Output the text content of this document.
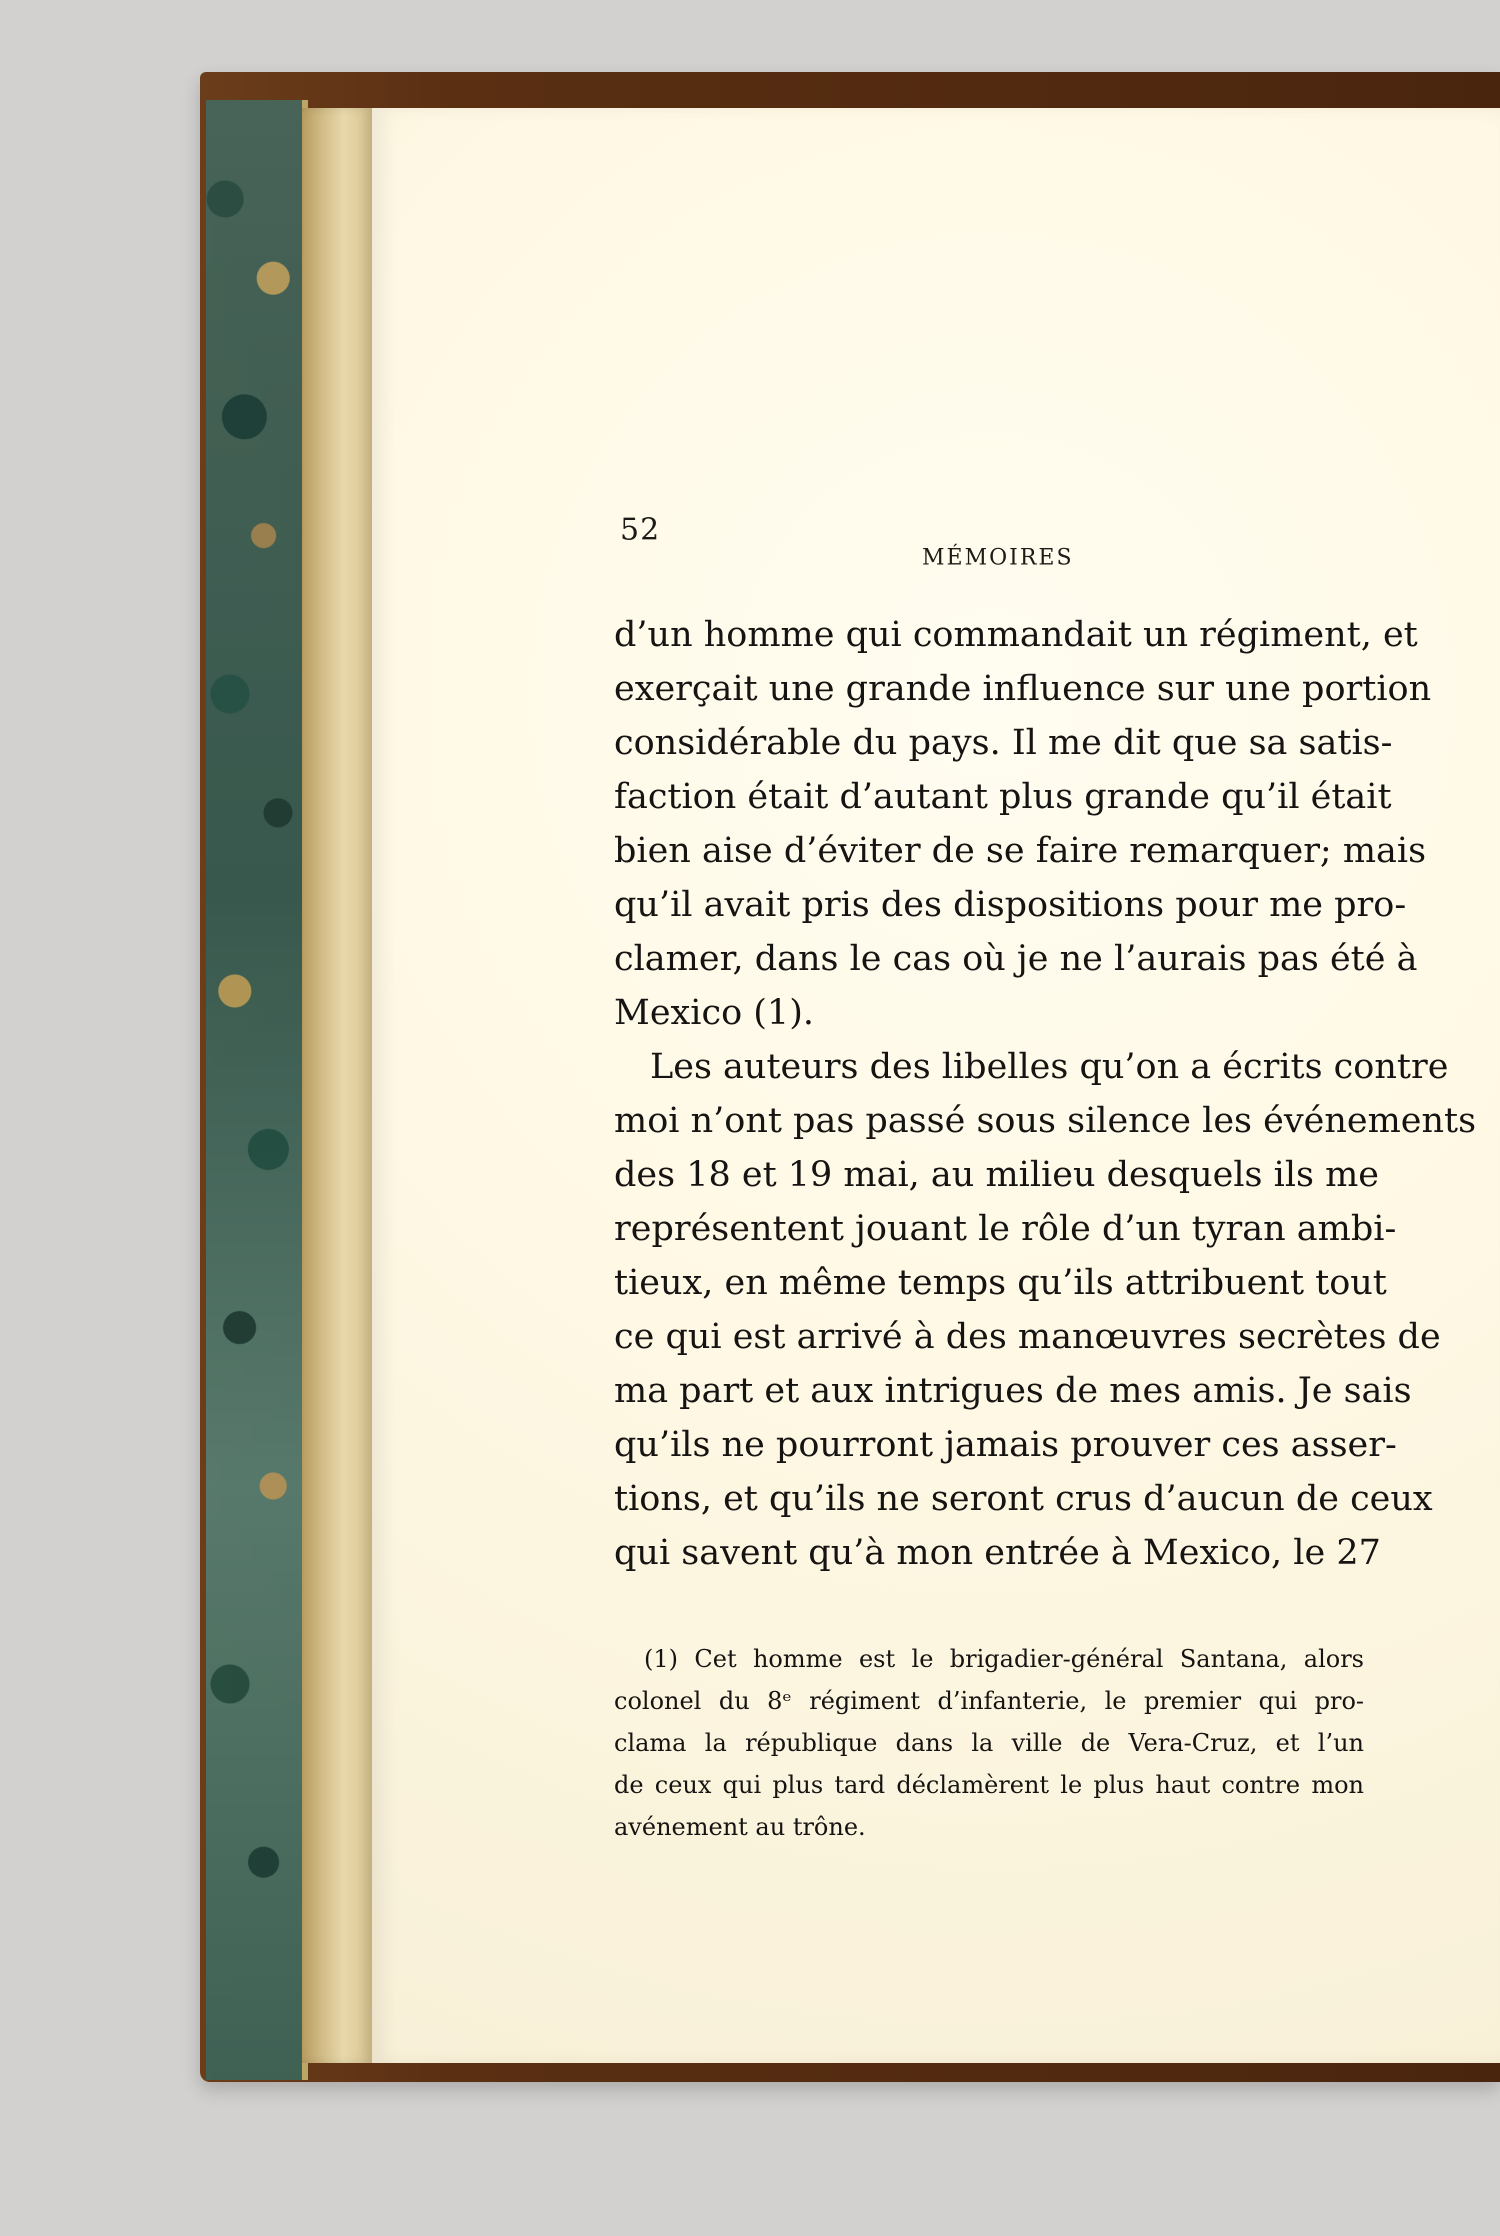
52
MÉMOIRES
d’un homme qui commandait un régiment, et
exerçait une grande influence sur une portion
considérable du pays. Il me dit que sa satis-
faction était d’autant plus grande qu’il était
bien aise d’éviter de se faire remarquer; mais
qu’il avait pris des dispositions pour me pro-
clamer, dans le cas où je ne l’aurais pas été à
Mexico (1).
Les auteurs des libelles qu’on a écrits contre
moi n’ont pas passé sous silence les événements
des 18 et 19 mai, au milieu desquels ils me
représentent jouant le rôle d’un tyran ambi-
tieux, en même temps qu’ils attribuent tout
ce qui est arrivé à des manœuvres secrètes de
ma part et aux intrigues de mes amis. Je sais
qu’ils ne pourront jamais prouver ces asser-
tions, et qu’ils ne seront crus d’aucun de ceux
qui savent qu’à mon entrée à Mexico, le 27
(1) Cet homme est le brigadier-général Santana, alors
colonel du 8ᵉ régiment d’infanterie, le premier qui pro-
clama la république dans la ville de Vera-Cruz, et l’un
de ceux qui plus tard déclamèrent le plus haut contre mon
avénement au trône.
